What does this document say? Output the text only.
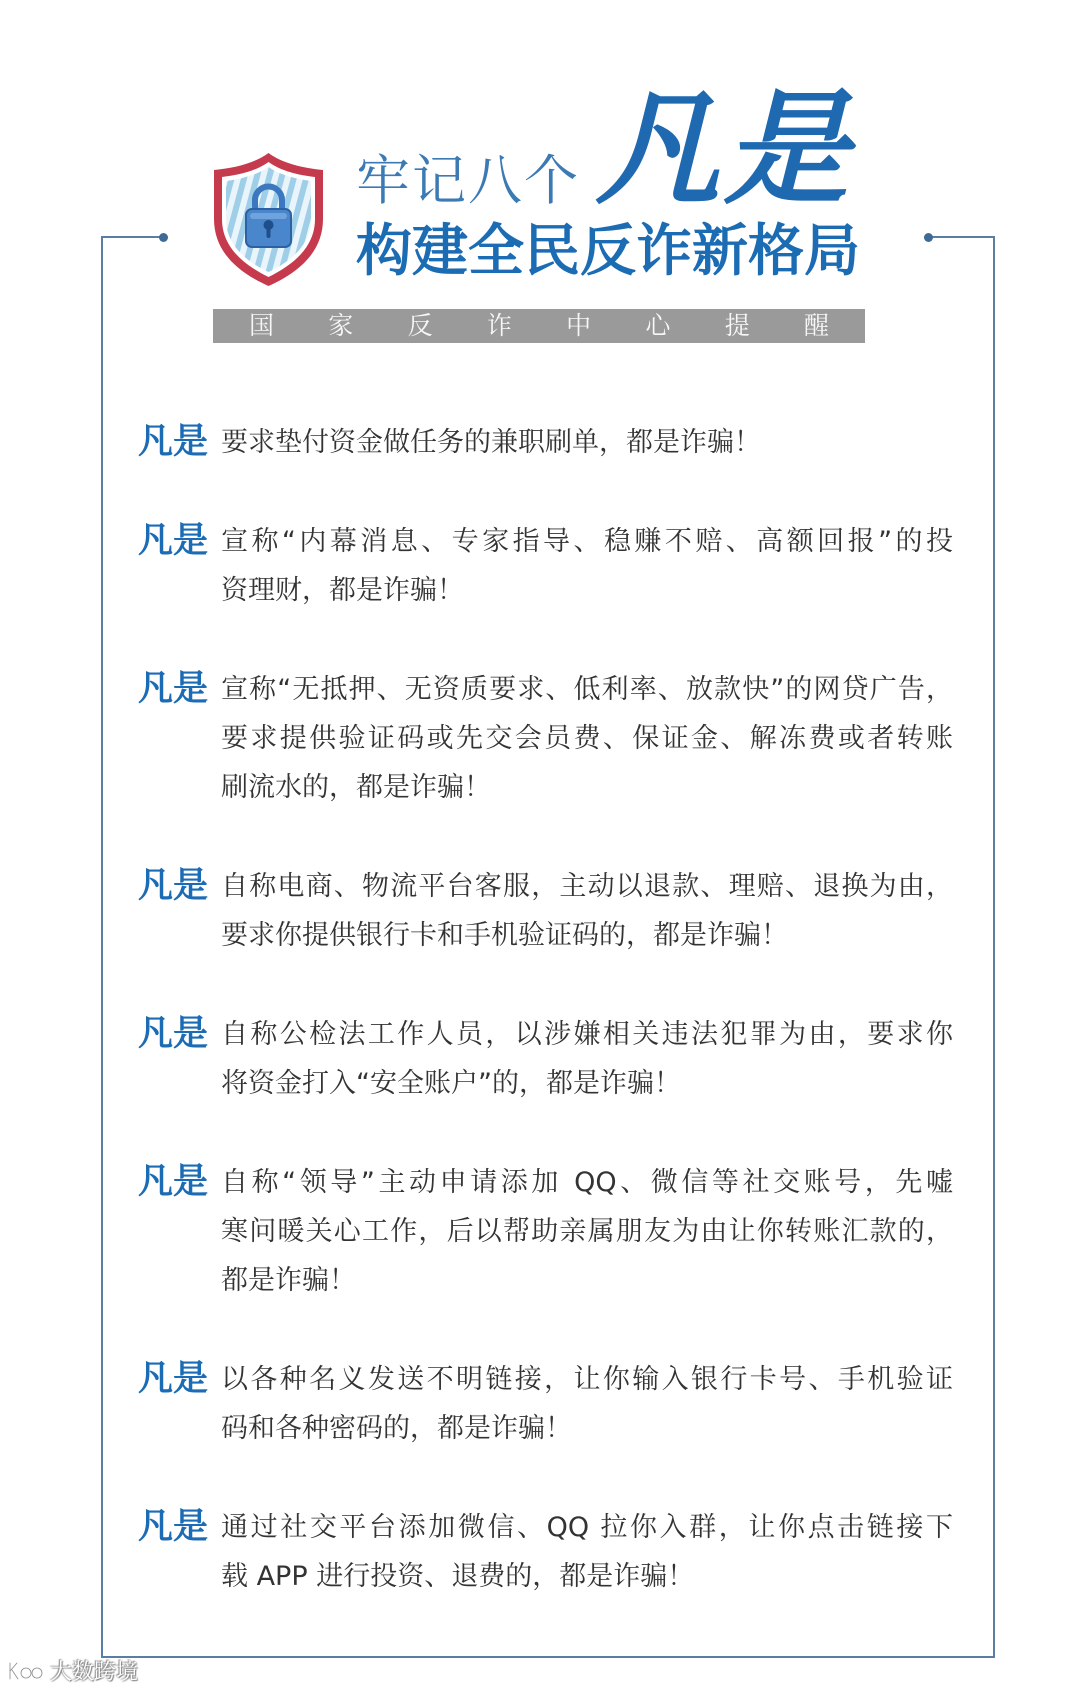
牢记八个 凡是
构建全民反诈新格局
国 家 反 诈 中 心 提 醒
凡是 要求垫付资金做任务的兼职刷单，都是诈骗！
凡是 宣称“内幕消息、专家指导、稳赚不赔、高额回报”的投
资理财，都是诈骗！
凡是 宣称“无抵押、无资质要求、低利率、放款快”的网贷广告，
要求提供验证码或先交会员费、保证金、解冻费或者转账
刷流水的，都是诈骗！
凡是 自称电商、物流平台客服，主动以退款、理赔、退换为由，
要求你提供银行卡和手机验证码的，都是诈骗！
凡是 自称公检法工作人员，以涉嫌相关违法犯罪为由，要求你
将资金打入“安全账户”的，都是诈骗！
凡是 自称“领导”主动申请添加 QQ、微信等社交账号，先嘘
寒问暖关心工作，后以帮助亲属朋友为由让你转账汇款的，
都是诈骗！
凡是 以各种名义发送不明链接，让你输入银行卡号、手机验证
码和各种密码的，都是诈骗！
凡是 通过社交平台添加微信、QQ 拉你入群，让你点击链接下
载 APP 进行投资、退费的，都是诈骗！
大数跨境
